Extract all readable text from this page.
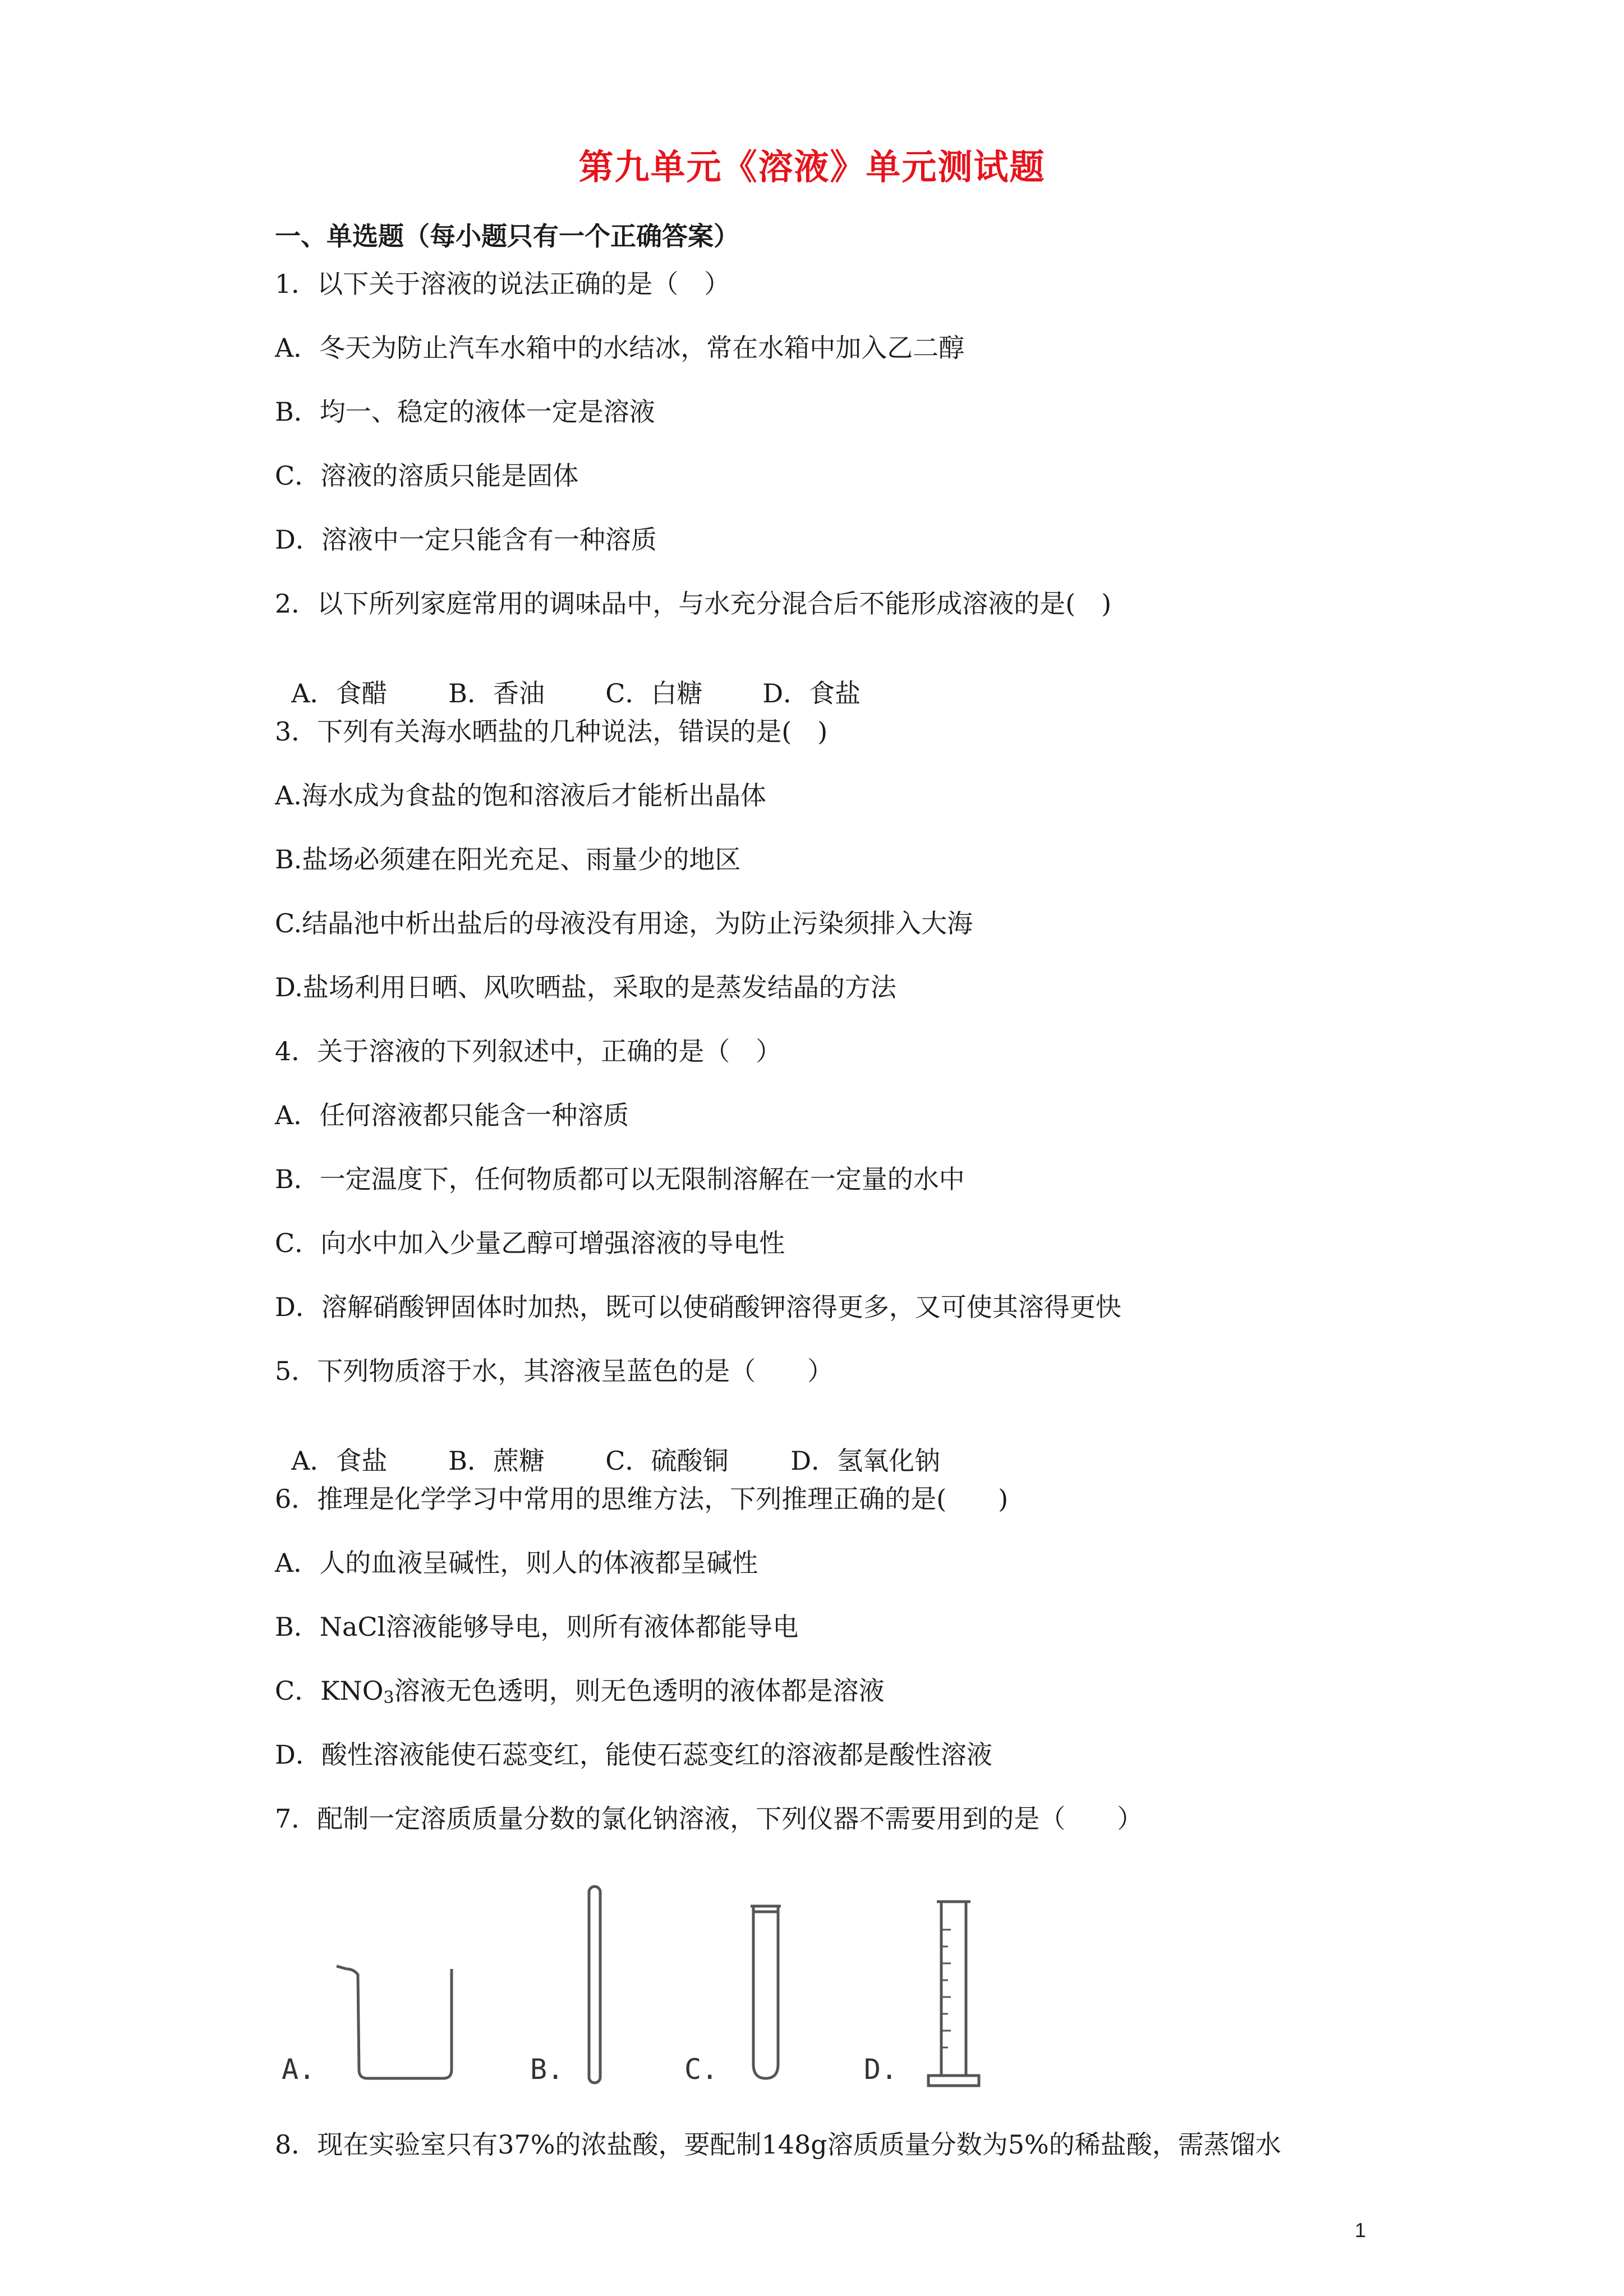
第九单元《溶液》单元测试题
一、单选题（每小题只有一个正确答案）
1．以下关于溶液的说法正确的是（　）
A．冬天为防止汽车水箱中的水结冰，常在水箱中加入乙二醇
B．均一、稳定的液体一定是溶液
C．溶液的溶质只能是固体
D．溶液中一定只能含有一种溶质
2．以下所列家庭常用的调味品中，与水充分混合后不能形成溶液的是(　)

A．食醋 B．香油 C．白糖 D．食盐

3．下列有关海水晒盐的几种说法，错误的是(　)
A.海水成为食盐的饱和溶液后才能析出晶体
B.盐场必须建在阳光充足、雨量少的地区
C.结晶池中析出盐后的母液没有用途，为防止污染须排入大海
D.盐场利用日晒、风吹晒盐，采取的是蒸发结晶的方法
4．关于溶液的下列叙述中，正确的是（　）
A．任何溶液都只能含一种溶质
B．一定温度下，任何物质都可以无限制溶解在一定量的水中
C．向水中加入少量乙醇可增强溶液的导电性
D．溶解硝酸钾固体时加热，既可以使硝酸钾溶得更多，又可使其溶得更快
5．下列物质溶于水，其溶液呈蓝色的是（　　）

A．食盐 B．蔗糖 C．硫酸铜 D．氢氧化钠

6．推理是化学学习中常用的思维方法，下列推理正确的是(　　)
A．人的血液呈碱性，则人的体液都呈碱性
B．NaCl溶液能够导电，则所有液体都能导电
C．$KNO_3$溶液无色透明，则无色透明的液体都是溶液
D．酸性溶液能使石蕊变红，能使石蕊变红的溶液都是酸性溶液
7．配制一定溶质质量分数的氯化钠溶液，下列仪器不需要用到的是（　　）
A.	B.	C.	D.
8．现在实验室只有37%的浓盐酸，要配制148g溶质质量分数为5%的稀盐酸，需蒸馏水
1
